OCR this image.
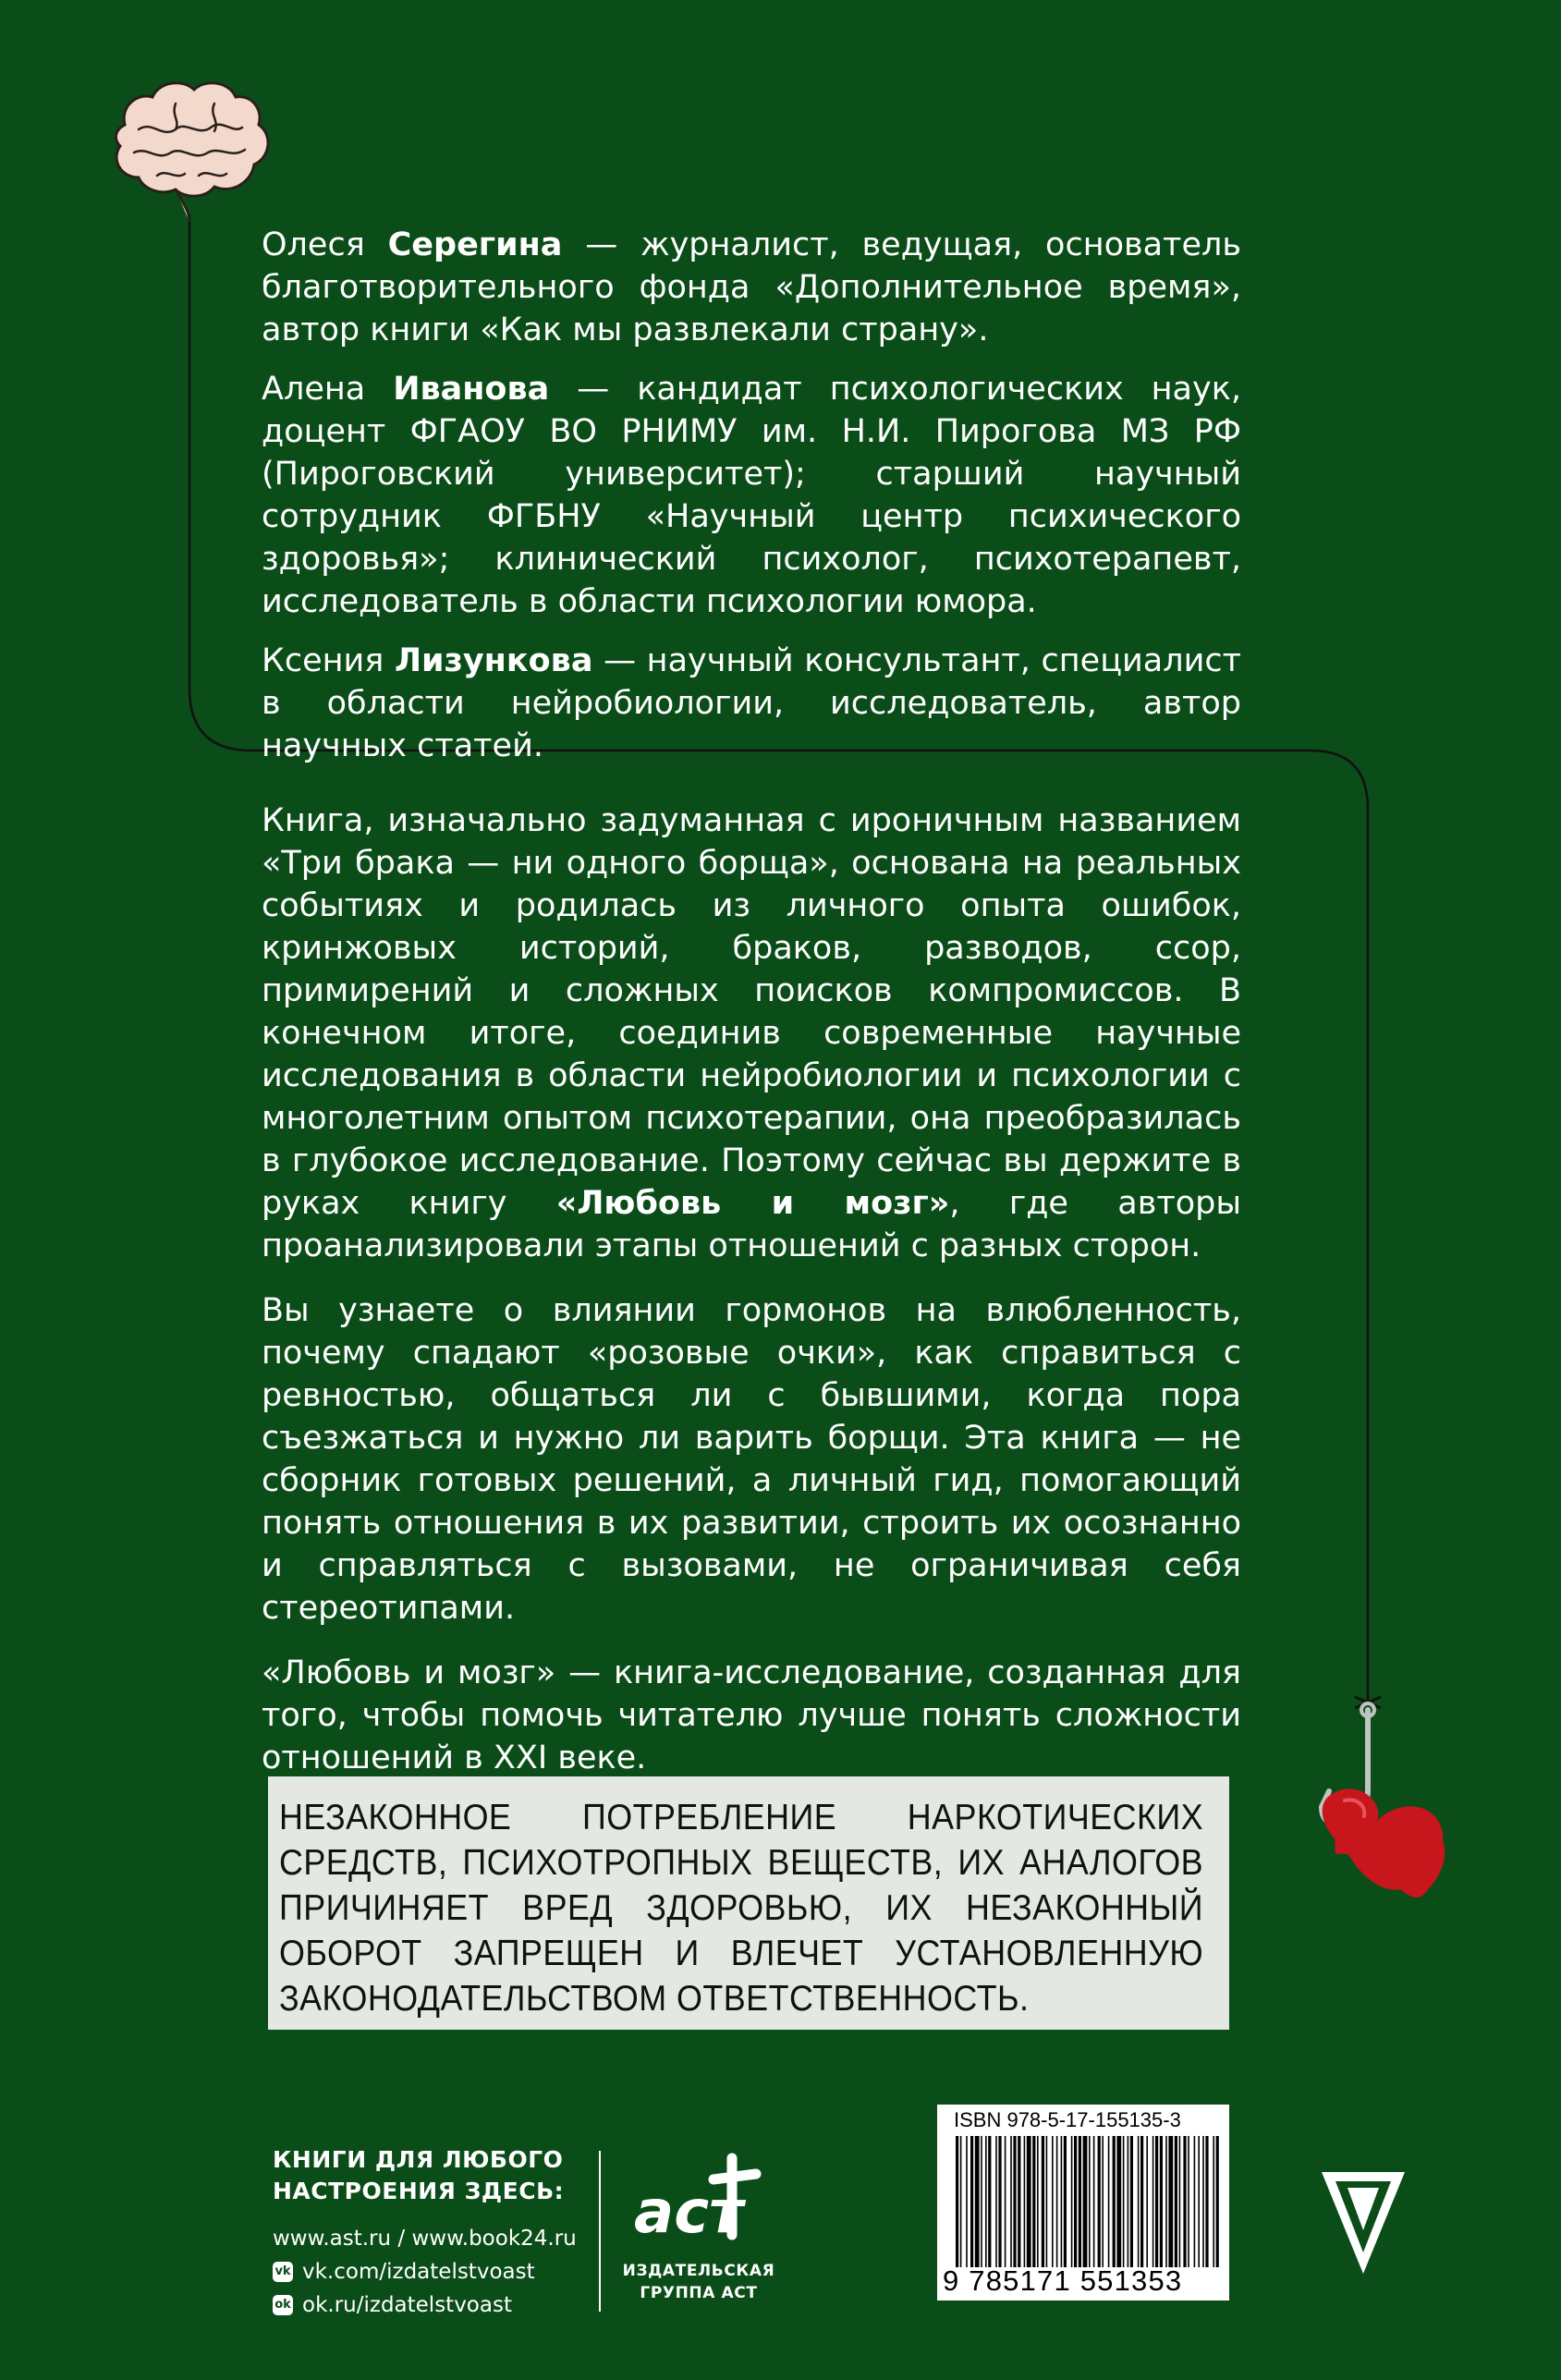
Олеся Серегина — журналист, ведущая, основатель благотворительного фонда «Дополнительное время», автор книги «Как мы развлекали страну».

Алена Иванова — кандидат психологических наук, доцент ФГАОУ ВО РНИМУ им. Н.И. Пирогова МЗ РФ (Пироговский университет); старший научный сотрудник ФГБНУ «Научный центр психического здоровья»; клинический психолог, психотерапевт, исследователь в области психологии юмора.

Ксения Лизункова — научный консультант, специалист в области нейробиологии, исследователь, автор научных статей.

Книга, изначально задуманная с ироничным названием «Три брака — ни одного борща», основана на реальных событиях и родилась из личного опыта ошибок, кринжовых историй, браков, разводов, ссор, примирений и сложных поисков компромиссов. В конечном итоге, соединив современные научные исследования в области нейробиологии и психологии с многолетним опытом психотерапии, она преобразилась в глубокое исследование. Поэтому сейчас вы держите в руках книгу «Любовь и мозг», где авторы проанализировали этапы отношений с разных сторон.

Вы узнаете о влиянии гормонов на влюбленность, почему спадают «розовые очки», как справиться с ревностью, общаться ли с бывшими, когда пора съезжаться и нужно ли варить борщи. Эта книга — не сборник готовых решений, а личный гид, помогающий понять отношения в их развитии, строить их осознанно и справляться с вызовами, не ограничивая себя стереотипами.

«Любовь и мозг» — книга-исследование, созданная для того, чтобы помочь читателю лучше понять сложности отношений в XXI веке.

НЕЗАКОННОЕ ПОТРЕБЛЕНИЕ НАРКОТИЧЕСКИХ СРЕДСТВ, ПСИХОТРОПНЫХ ВЕЩЕСТВ, ИХ АНАЛОГОВ ПРИЧИНЯЕТ ВРЕД ЗДОРОВЬЮ, ИХ НЕЗАКОННЫЙ ОБОРОТ ЗАПРЕЩЕН И ВЛЕЧЕТ УСТАНОВЛЕННУЮ ЗАКОНОДАТЕЛЬСТВОМ ОТВЕТСТВЕННОСТЬ.

КНИГИ ДЛЯ ЛЮБОГО НАСТРОЕНИЯ ЗДЕСЬ:

www.ast.ru / www.book24.ru
vk vk.com/izdatelstvoast
ok ok.ru/izdatelstvoast
аст
ИЗДАТЕЛЬСКАЯ ГРУППА АСТ
ISBN 978-5-17-155135-3
9 785171 551353
